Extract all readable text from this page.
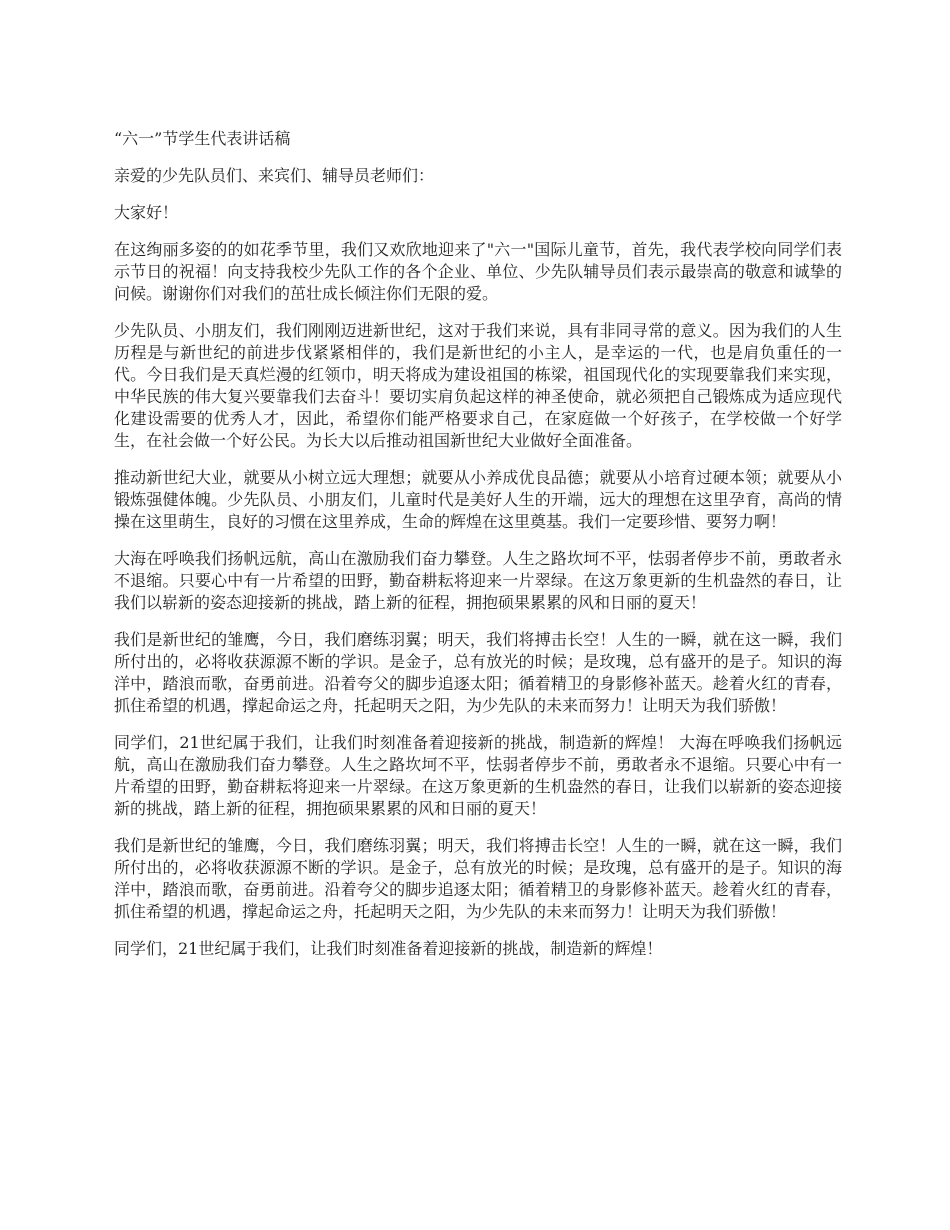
“六一”节学生代表讲话稿
亲爱的少先队员们、来宾们、辅导员老师们：
大家好！
在这绚丽多姿的的如花季节里，我们又欢欣地迎来了"六一"国际儿童节，首先，我代表学校向同学们表示节日的祝福！向支持我校少先队工作的各个企业、单位、少先队辅导员们表示最崇高的敬意和诚挚的问候。谢谢你们对我们的茁壮成长倾注你们无限的爱。
少先队员、小朋友们，我们刚刚迈进新世纪，这对于我们来说，具有非同寻常的意义。因为我们的人生历程是与新世纪的前进步伐紧紧相伴的，我们是新世纪的小主人，是幸运的一代，也是肩负重任的一代。今日我们是天真烂漫的红领巾，明天将成为建设祖国的栋梁，祖国现代化的实现要靠我们来实现，中华民族的伟大复兴要靠我们去奋斗！要切实肩负起这样的神圣使命，就必须把自己锻炼成为适应现代化建设需要的优秀人才，因此，希望你们能严格要求自己，在家庭做一个好孩子，在学校做一个好学生，在社会做一个好公民。为长大以后推动祖国新世纪大业做好全面准备。
推动新世纪大业，就要从小树立远大理想；就要从小养成优良品德；就要从小培育过硬本领；就要从小锻炼强健体魄。少先队员、小朋友们，儿童时代是美好人生的开端，远大的理想在这里孕育，高尚的情操在这里萌生，良好的习惯在这里养成，生命的辉煌在这里奠基。我们一定要珍惜、要努力啊！
大海在呼唤我们扬帆远航，高山在激励我们奋力攀登。人生之路坎坷不平，怯弱者停步不前，勇敢者永不退缩。只要心中有一片希望的田野，勤奋耕耘将迎来一片翠绿。在这万象更新的生机盎然的春日，让我们以崭新的姿态迎接新的挑战，踏上新的征程，拥抱硕果累累的风和日丽的夏天！
我们是新世纪的雏鹰，今日，我们磨练羽翼；明天，我们将搏击长空！人生的一瞬，就在这一瞬，我们所付出的，必将收获源源不断的学识。是金子，总有放光的时候；是玫瑰，总有盛开的是子。知识的海洋中，踏浪而歌，奋勇前进。沿着夸父的脚步追逐太阳；循着精卫的身影修补蓝天。趁着火红的青春，抓住希望的机遇，撑起命运之舟，托起明天之阳，为少先队的未来而努力！让明天为我们骄傲！
同学们，21世纪属于我们，让我们时刻准备着迎接新的挑战，制造新的辉煌！ 大海在呼唤我们扬帆远航，高山在激励我们奋力攀登。人生之路坎坷不平，怯弱者停步不前，勇敢者永不退缩。只要心中有一片希望的田野，勤奋耕耘将迎来一片翠绿。在这万象更新的生机盎然的春日，让我们以崭新的姿态迎接新的挑战，踏上新的征程，拥抱硕果累累的风和日丽的夏天！
我们是新世纪的雏鹰，今日，我们磨练羽翼；明天，我们将搏击长空！人生的一瞬，就在这一瞬，我们所付出的，必将收获源源不断的学识。是金子，总有放光的时候；是玫瑰，总有盛开的是子。知识的海洋中，踏浪而歌，奋勇前进。沿着夸父的脚步追逐太阳；循着精卫的身影修补蓝天。趁着火红的青春，抓住希望的机遇，撑起命运之舟，托起明天之阳，为少先队的未来而努力！让明天为我们骄傲！
同学们，21世纪属于我们，让我们时刻准备着迎接新的挑战，制造新的辉煌！
